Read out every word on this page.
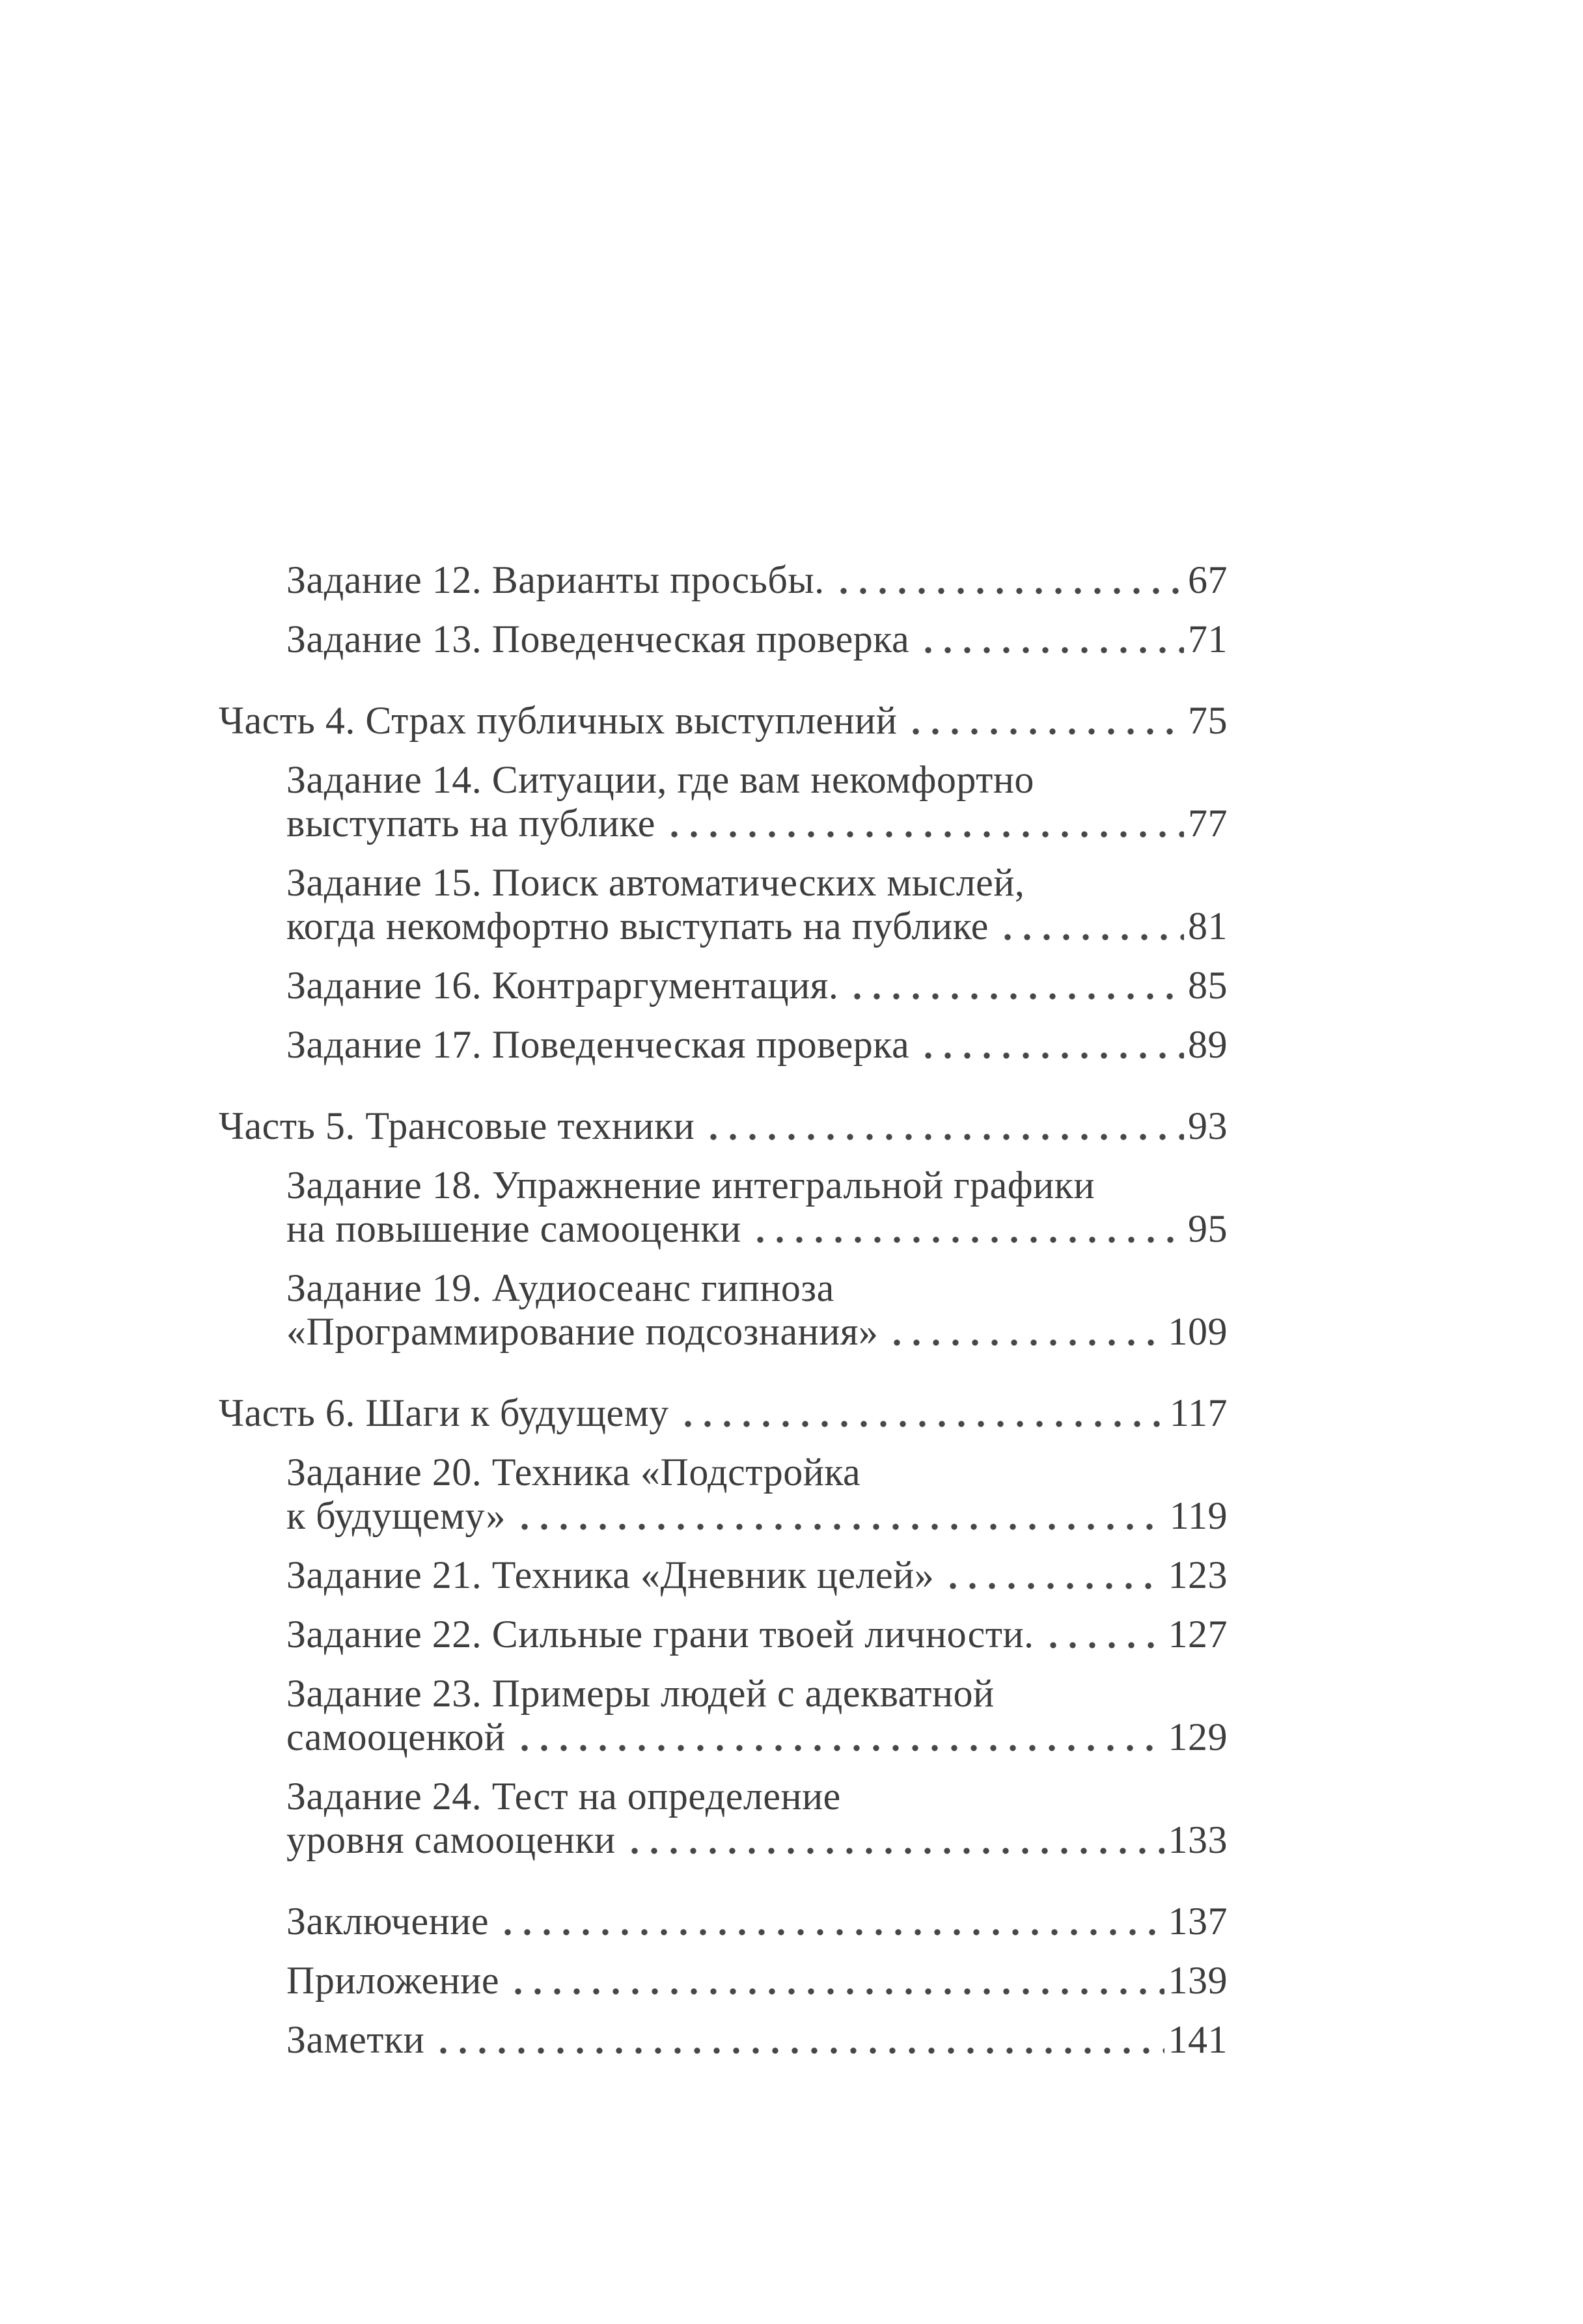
Задание 12. Варианты просьбы.	67
Задание 13. Поведенческая проверка	71
Часть 4. Страх публичных выступлений	75
Задание 14. Ситуации, где вам некомфортно
выступать на публике	77
Задание 15. Поиск автоматических мыслей,
когда некомфортно выступать на публике	81
Задание 16. Контраргументация.	85
Задание 17. Поведенческая проверка	89
Часть 5. Трансовые техники	93
Задание 18. Упражнение интегральной графики
на повышение самооценки	95
Задание 19. Аудиосеанс гипноза
«Программирование подсознания»	109
Часть 6. Шаги к будущему	117
Задание 20. Техника «Подстройка
к будущему»	119
Задание 21. Техника «Дневник целей»	123
Задание 22. Сильные грани твоей личности.	127
Задание 23. Примеры людей с адекватной
самооценкой	129
Задание 24. Тест на определение
уровня самооценки	133
Заключение	137
Приложение	139
Заметки	141
